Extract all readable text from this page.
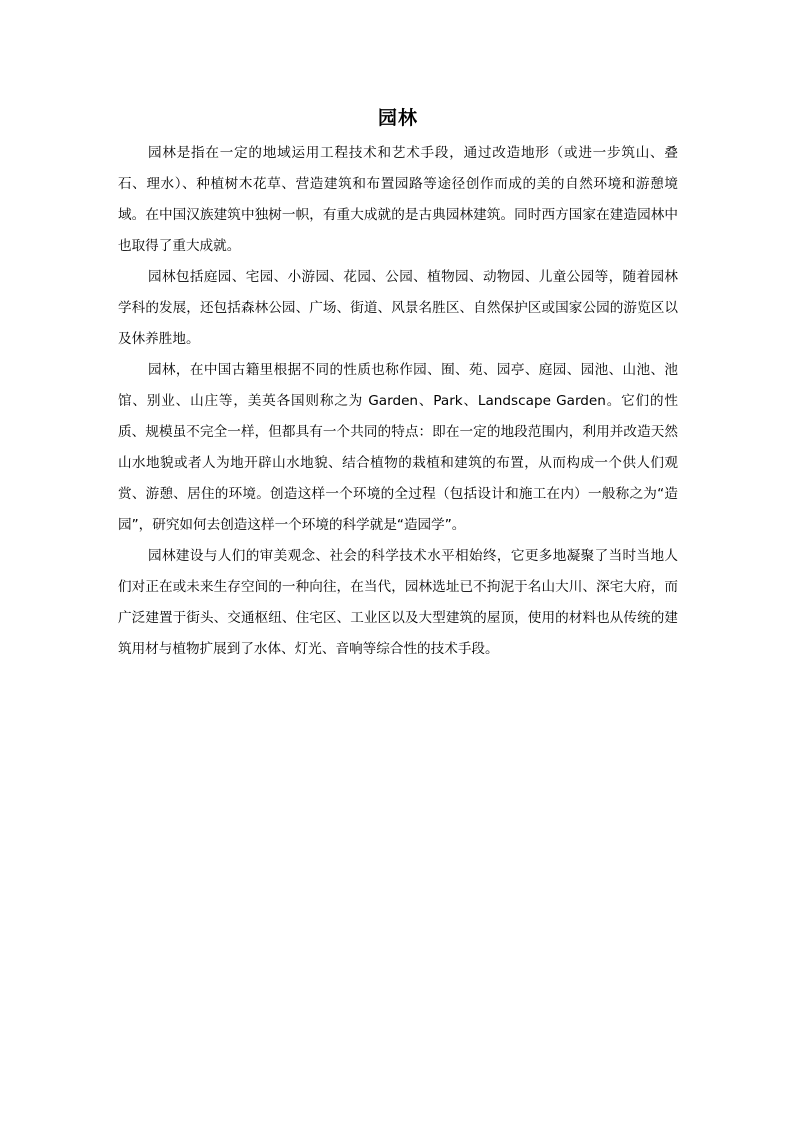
园林

园林是指在一定的地域运用工程技术和艺术手段，通过改造地形（或进一步筑山、叠石、理水）、种植树木花草、营造建筑和布置园路等途径创作而成的美的自然环境和游憩境域。在中国汉族建筑中独树一帜，有重大成就的是古典园林建筑。同时西方国家在建造园林中也取得了重大成就。

园林包括庭园、宅园、小游园、花园、公园、植物园、动物园、儿童公园等，随着园林学科的发展，还包括森林公园、广场、街道、风景名胜区、自然保护区或国家公园的游览区以及休养胜地。

园林，在中国古籍里根据不同的性质也称作园、囿、苑、园亭、庭园、园池、山池、池馆、别业、山庄等，美英各国则称之为 Garden、Park、Landscape Garden。它们的性质、规模虽不完全一样，但都具有一个共同的特点：即在一定的地段范围内，利用并改造天然山水地貌或者人为地开辟山水地貌、结合植物的栽植和建筑的布置，从而构成一个供人们观赏、游憩、居住的环境。创造这样一个环境的全过程（包括设计和施工在内）一般称之为“造园”，研究如何去创造这样一个环境的科学就是“造园学”。

园林建设与人们的审美观念、社会的科学技术水平相始终，它更多地凝聚了当时当地人们对正在或未来生存空间的一种向往，在当代，园林选址已不拘泥于名山大川、深宅大府，而广泛建置于街头、交通枢纽、住宅区、工业区以及大型建筑的屋顶，使用的材料也从传统的建筑用材与植物扩展到了水体、灯光、音响等综合性的技术手段。
